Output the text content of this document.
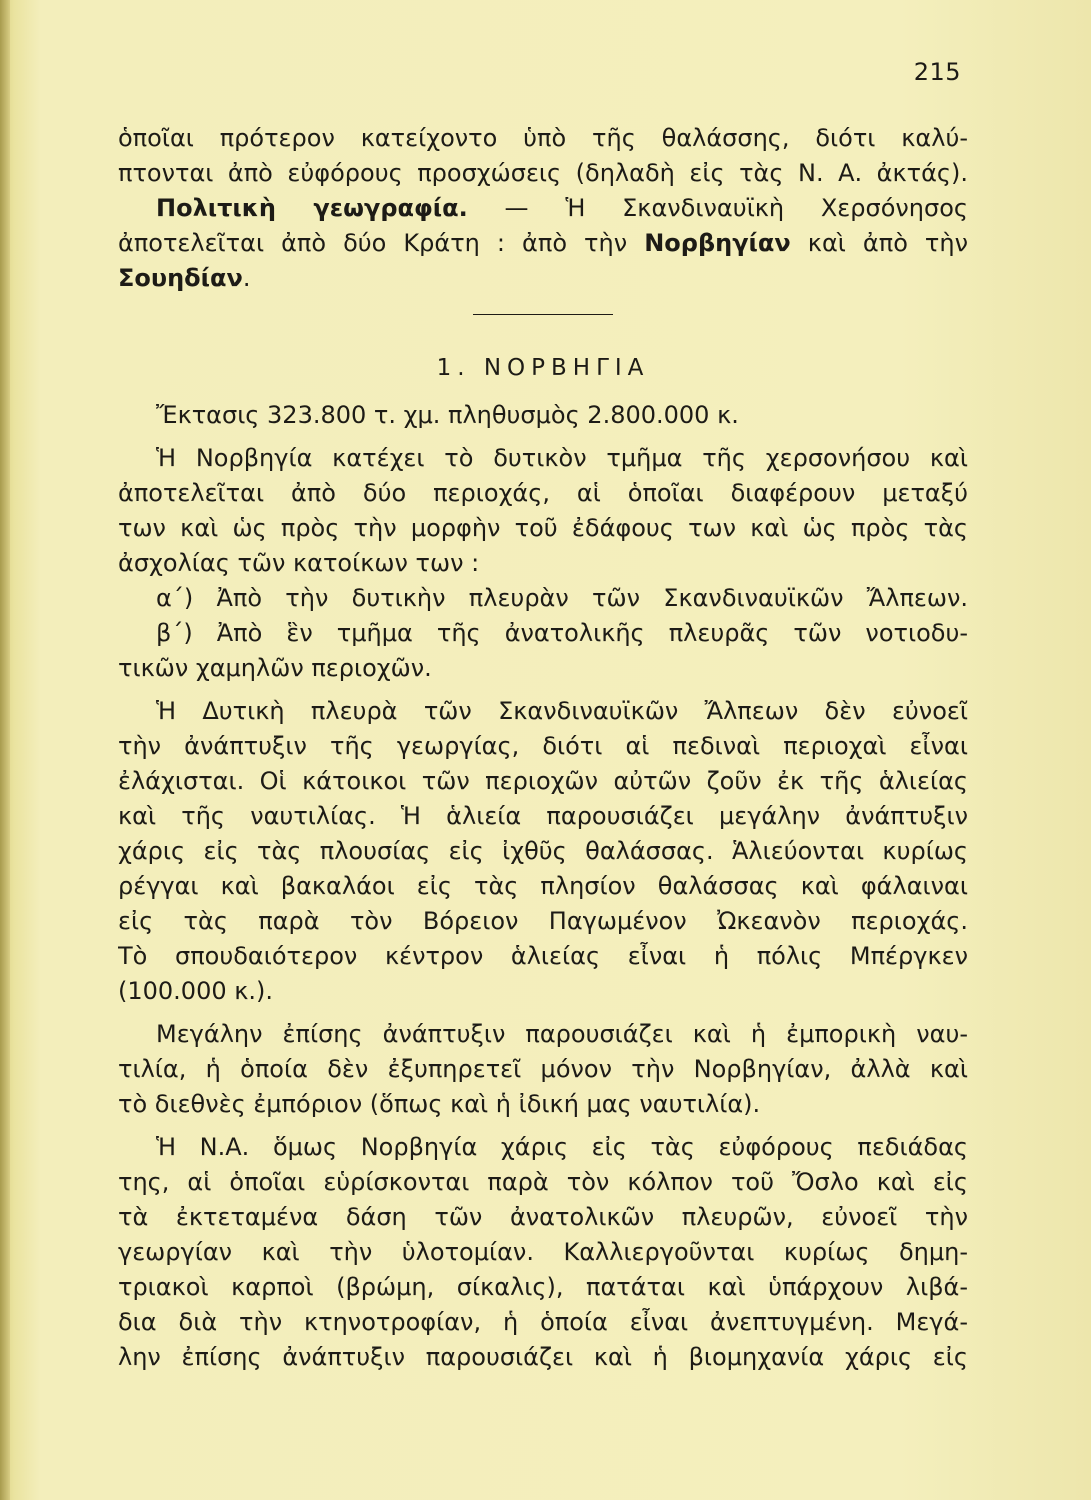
215
ὁποῖαι πρότερον κατείχοντο ὑπὸ τῆς θαλάσσης, διότι καλύ-
πτονται ἀπὸ εὐφόρους προσχώσεις (δηλαδὴ εἰς τὰς Ν. Α. ἀκτάς).
Πολιτικὴ γεωγραφία. — Ἡ Σκανδιναυϊκὴ Χερσόνησος
ἀποτελεῖται ἀπὸ δύο Κράτη : ἀπὸ τὴν Νορβηγίαν καὶ ἀπὸ τὴν
Σουηδίαν.
1. ΝΟΡΒΗΓΙΑ
Ἔκτασις 323.800 τ. χμ. πληθυσμὸς 2.800.000 κ.
Ἡ Νορβηγία κατέχει τὸ δυτικὸν τμῆμα τῆς χερσονήσου καὶ
ἀποτελεῖται ἀπὸ δύο περιοχάς, αἱ ὁποῖαι διαφέρουν μεταξύ
των καὶ ὡς πρὸς τὴν μορφὴν τοῦ ἐδάφους των καὶ ὡς πρὸς τὰς
ἀσχολίας τῶν κατοίκων των :
α΄) Ἀπὸ τὴν δυτικὴν πλευρὰν τῶν Σκανδιναυϊκῶν Ἄλπεων.
β΄) Ἀπὸ ἓν τμῆμα τῆς ἀνατολικῆς πλευρᾶς τῶν νοτιοδυ-
τικῶν χαμηλῶν περιοχῶν.
Ἡ Δυτικὴ πλευρὰ τῶν Σκανδιναυϊκῶν Ἄλπεων δὲν εὐνοεῖ
τὴν ἀνάπτυξιν τῆς γεωργίας, διότι αἱ πεδιναὶ περιοχαὶ εἶναι
ἐλάχισται. Οἱ κάτοικοι τῶν περιοχῶν αὐτῶν ζοῦν ἐκ τῆς ἁλιείας
καὶ τῆς ναυτιλίας. Ἡ ἁλιεία παρουσιάζει μεγάλην ἀνάπτυξιν
χάρις εἰς τὰς πλουσίας εἰς ἰχθῦς θαλάσσας. Ἁλιεύονται κυρίως
ρέγγαι καὶ βακαλάοι εἰς τὰς πλησίον θαλάσσας καὶ φάλαιναι
εἰς τὰς παρὰ τὸν Βόρειον Παγωμένον Ὠκεανὸν περιοχάς.
Τὸ σπουδαιότερον κέντρον ἁλιείας εἶναι ἡ πόλις Μπέργκεν
(100.000 κ.).
Μεγάλην ἐπίσης ἀνάπτυξιν παρουσιάζει καὶ ἡ ἐμπορικὴ ναυ-
τιλία, ἡ ὁποία δὲν ἐξυπηρετεῖ μόνον τὴν Νορβηγίαν, ἀλλὰ καὶ
τὸ διεθνὲς ἐμπόριον (ὅπως καὶ ἡ ἰδική μας ναυτιλία).
Ἡ Ν.Α. ὅμως Νορβηγία χάρις εἰς τὰς εὐφόρους πεδιάδας
της, αἱ ὁποῖαι εὑρίσκονται παρὰ τὸν κόλπον τοῦ Ὄσλο καὶ εἰς
τὰ ἐκτεταμένα δάση τῶν ἀνατολικῶν πλευρῶν, εὐνοεῖ τὴν
γεωργίαν καὶ τὴν ὑλοτομίαν. Καλλιεργοῦνται κυρίως δημη-
τριακοὶ καρποὶ (βρώμη, σίκαλις), πατάται καὶ ὑπάρχουν λιβά-
δια διὰ τὴν κτηνοτροφίαν, ἡ ὁποία εἶναι ἀνεπτυγμένη. Μεγά-
λην ἐπίσης ἀνάπτυξιν παρουσιάζει καὶ ἡ βιομηχανία χάρις εἰς
